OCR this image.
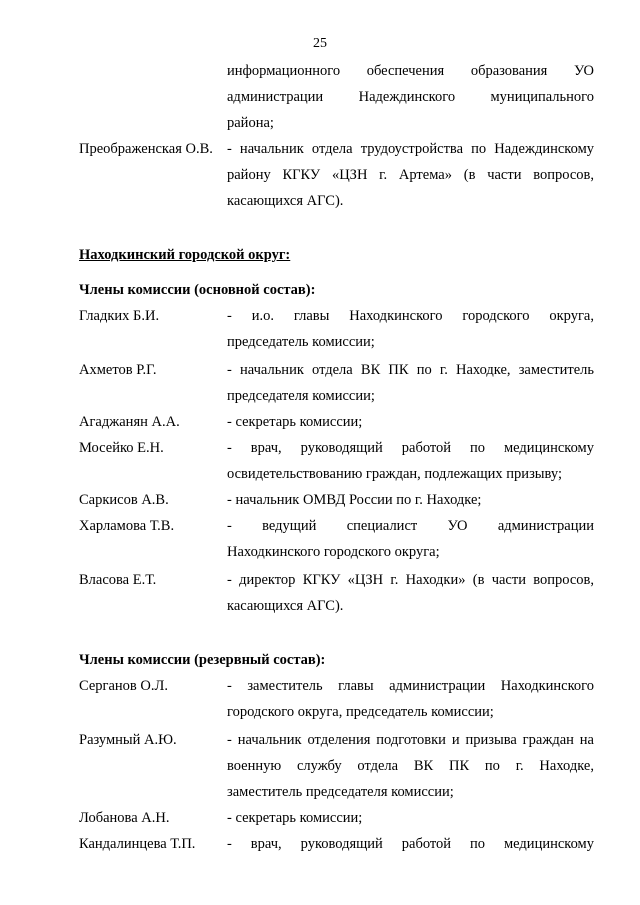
25
информационного обеспечения образования УО
администрации Надеждинского муниципального
района;
Преображенская О.В. - начальник отдела трудоустройства по Надеждинскому
району КГКУ «ЦЗН г. Артема» (в части вопросов,
касающихся АГС).
Находкинский городской округ:
Члены комиссии (основной состав):
Гладких Б.И.	- и.о. главы Находкинского городского округа,
председатель комиссии;
Ахметов Р.Г.	- начальник отдела ВК ПК по г. Находке, заместитель
председателя комиссии;
Агаджанян А.А.	- секретарь комиссии;
Мосейко Е.Н.	- врач, руководящий работой по медицинскому
освидетельствованию граждан, подлежащих призыву;
Саркисов А.В.	- начальник ОМВД России по г. Находке;
Харламова Т.В.	- ведущий специалист УО администрации
Находкинского городского округа;
Власова Е.Т.	- директор КГКУ «ЦЗН г. Находки» (в части вопросов,
касающихся АГС).
Члены комиссии (резервный состав):
Серганов О.Л.	- заместитель главы администрации Находкинского
городского округа, председатель комиссии;
Разумный А.Ю.	- начальник отделения подготовки и призыва граждан на
военную службу отдела ВК ПК по г. Находке,
заместитель председателя комиссии;
Лобанова А.Н.	- секретарь комиссии;
Кандалинцева Т.П.	- врач, руководящий работой по медицинскому
